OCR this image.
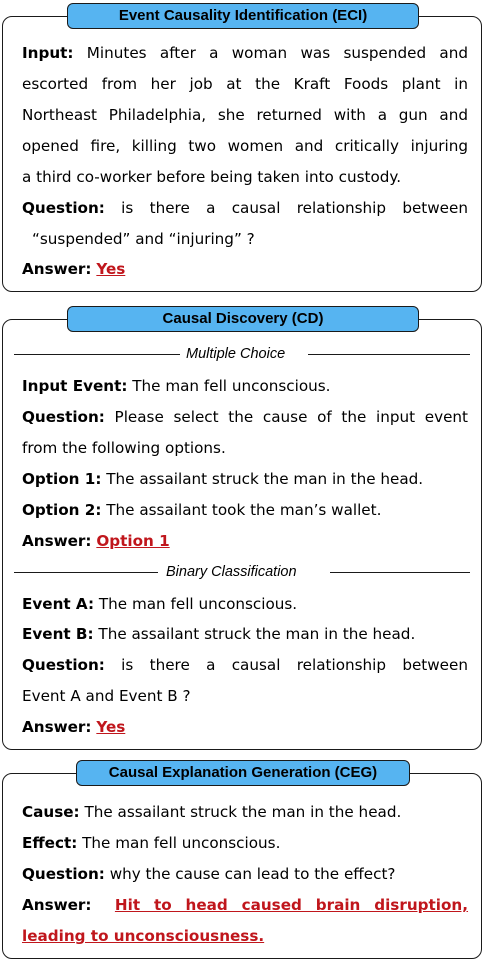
Event Causality Identification (ECI)
Input: Minutes after a woman was suspended and
escorted from her job at the Kraft Foods plant in
Northeast Philadelphia, she returned with a gun and
opened fire, killing two women and critically injuring
a third co-worker before being taken into custody.
Question: is there a causal relationship between
“suspended” and “injuring” ?
Answer: Yes
Causal Discovery (CD)
Multiple Choice
Input Event: The man fell unconscious.
Question: Please select the cause of the input event
from the following options.
Option 1: The assailant struck the man in the head.
Option 2: The assailant took the man’s wallet.
Answer: Option 1
Binary Classification
Event A: The man fell unconscious.
Event B: The assailant struck the man in the head.
Question: is there a causal relationship between
Event A and Event B ?
Answer: Yes
Causal Explanation Generation (CEG)
Cause: The assailant struck the man in the head.
Effect: The man fell unconscious.
Question: why the cause can lead to the effect?
Answer: Hit to head caused brain disruption,
leading to unconsciousness.
